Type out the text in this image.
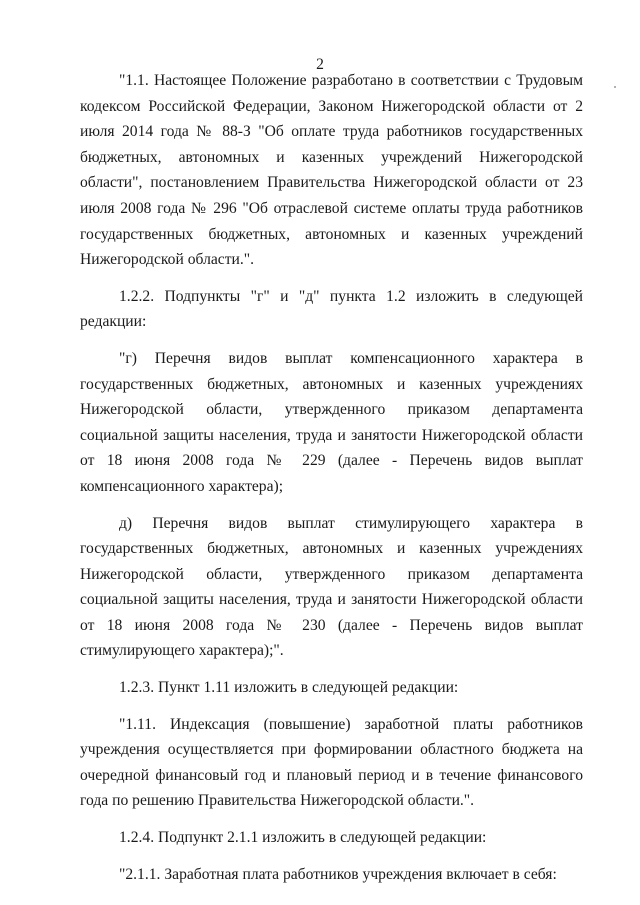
2

"1.1. Настоящее Положение разработано в соответствии с Трудовым кодексом Российской Федерации, Законом Нижегородской области от 2 июля 2014 года № 88-З "Об оплате труда работников государственных бюджетных, автономных и казенных учреждений Нижегородской области", постановлением Правительства Нижегородской области от 23 июля 2008 года № 296 "Об отраслевой системе оплаты труда работников государственных бюджетных, автономных и казенных учреждений Нижегородской области.".

1.2.2. Подпункты "г" и "д" пункта 1.2 изложить в следующей редакции:

"г) Перечня видов выплат компенсационного характера в государственных бюджетных, автономных и казенных учреждениях Нижегородской области, утвержденного приказом департамента социальной защиты населения, труда и занятости Нижегородской области от 18 июня 2008 года № 229 (далее - Перечень видов выплат компенсационного характера);

д) Перечня видов выплат стимулирующего характера в государственных бюджетных, автономных и казенных учреждениях Нижегородской области, утвержденного приказом департамента социальной защиты населения, труда и занятости Нижегородской области от 18 июня 2008 года № 230 (далее - Перечень видов выплат стимулирующего характера);".

1.2.3. Пункт 1.11 изложить в следующей редакции:

"1.11. Индексация (повышение) заработной платы работников учреждения осуществляется при формировании областного бюджета на очередной финансовый год и плановый период и в течение финансового года по решению Правительства Нижегородской области.".

1.2.4. Подпункт 2.1.1 изложить в следующей редакции:

"2.1.1. Заработная плата работников учреждения включает в себя:
